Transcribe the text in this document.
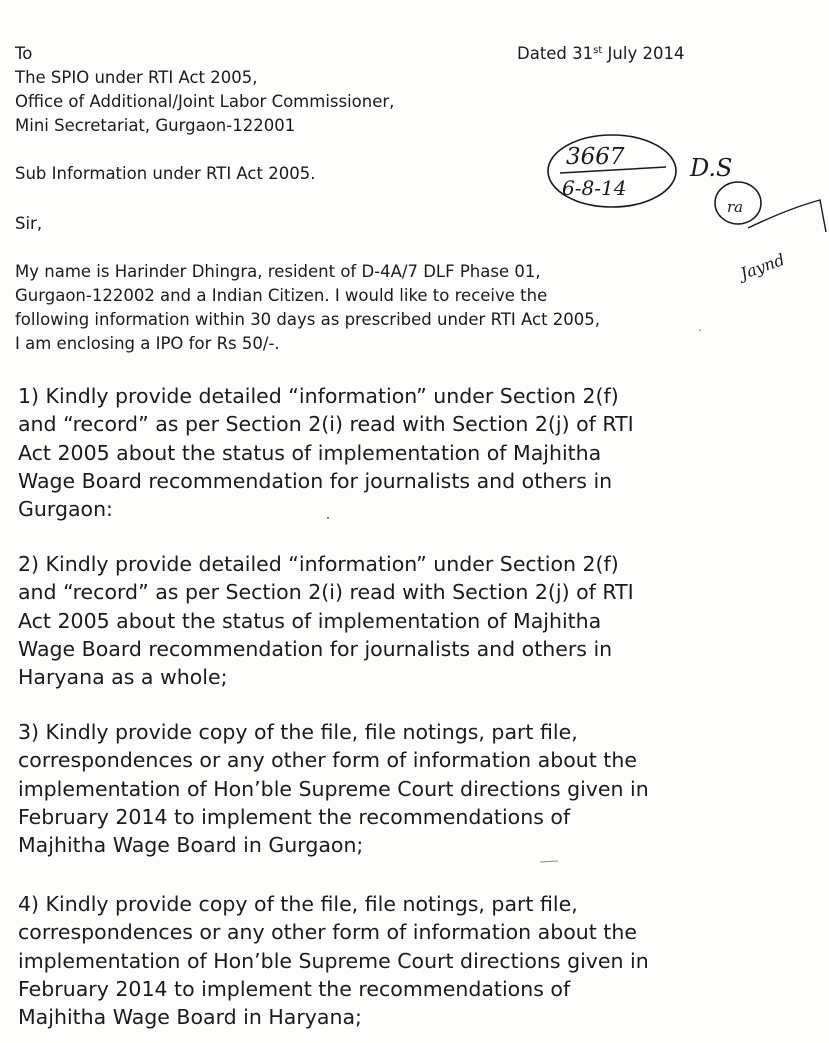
To
The SPIO under RTI Act 2005,
Office of Additional/Joint Labor Commissioner,
Mini Secretariat, Gurgaon-122001
Dated 31st July 2014
Sub Information under RTI Act 2005.
Sir,
My name is Harinder Dhingra, resident of D-4A/7 DLF Phase 01,
Gurgaon-122002 and a Indian Citizen. I would like to receive the
following information within 30 days as prescribed under RTI Act 2005,
I am enclosing a IPO for Rs 50/-.
1) Kindly provide detailed “information” under Section 2(f)
and “record” as per Section 2(i) read with Section 2(j) of RTI
Act 2005 about the status of implementation of Majhitha
Wage Board recommendation for journalists and others in
Gurgaon:
2) Kindly provide detailed “information” under Section 2(f)
and “record” as per Section 2(i) read with Section 2(j) of RTI
Act 2005 about the status of implementation of Majhitha
Wage Board recommendation for journalists and others in
Haryana as a whole;
3) Kindly provide copy of the file, file notings, part file,
correspondences or any other form of information about the
implementation of Hon’ble Supreme Court directions given in
February 2014 to implement the recommendations of
Majhitha Wage Board in Gurgaon;
4) Kindly provide copy of the file, file notings, part file,
correspondences or any other form of information about the
implementation of Hon’ble Supreme Court directions given in
February 2014 to implement the recommendations of
Majhitha Wage Board in Haryana;
3667
6-8-14
D.S
ra
Jaynd
